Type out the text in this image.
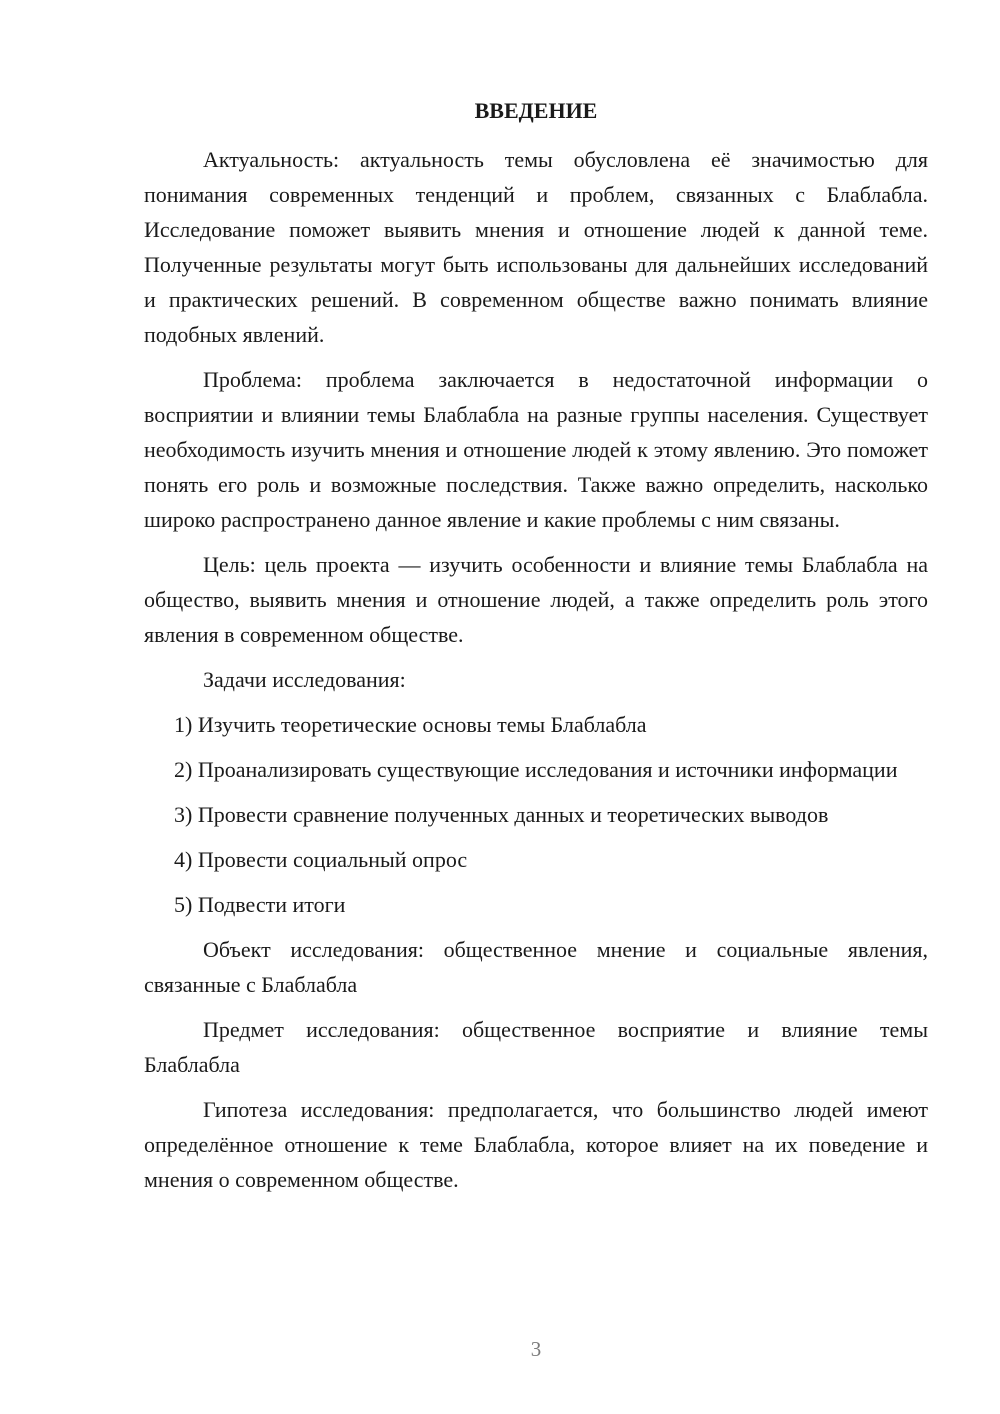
ВВЕДЕНИЕ

Актуальность: актуальность темы обусловлена её значимостью для понимания современных тенденций и проблем, связанных с Блаблабла. Исследование поможет выявить мнения и отношение людей к данной теме. Полученные результаты могут быть использованы для дальнейших исследований и практических решений. В современном обществе важно понимать влияние подобных явлений.

Проблема: проблема заключается в недостаточной информации о восприятии и влиянии темы Блаблабла на разные группы населения. Существует необходимость изучить мнения и отношение людей к этому явлению. Это поможет понять его роль и возможные последствия. Также важно определить, насколько широко распространено данное явление и какие проблемы с ним связаны.

Цель: цель проекта — изучить особенности и влияние темы Блаблабла на общество, выявить мнения и отношение людей, а также определить роль этого явления в современном обществе.

Задачи исследования:

1) Изучить теоретические основы темы Блаблабла

2) Проанализировать существующие исследования и источники информации

3) Провести сравнение полученных данных и теоретических выводов

4) Провести социальный опрос

5) Подвести итоги

Объект исследования: общественное мнение и социальные явления, связанные с Блаблабла

Предмет исследования: общественное восприятие и влияние темы Блаблабла

Гипотеза исследования: предполагается, что большинство людей имеют определённое отношение к теме Блаблабла, которое влияет на их поведение и мнения о современном обществе.

3
